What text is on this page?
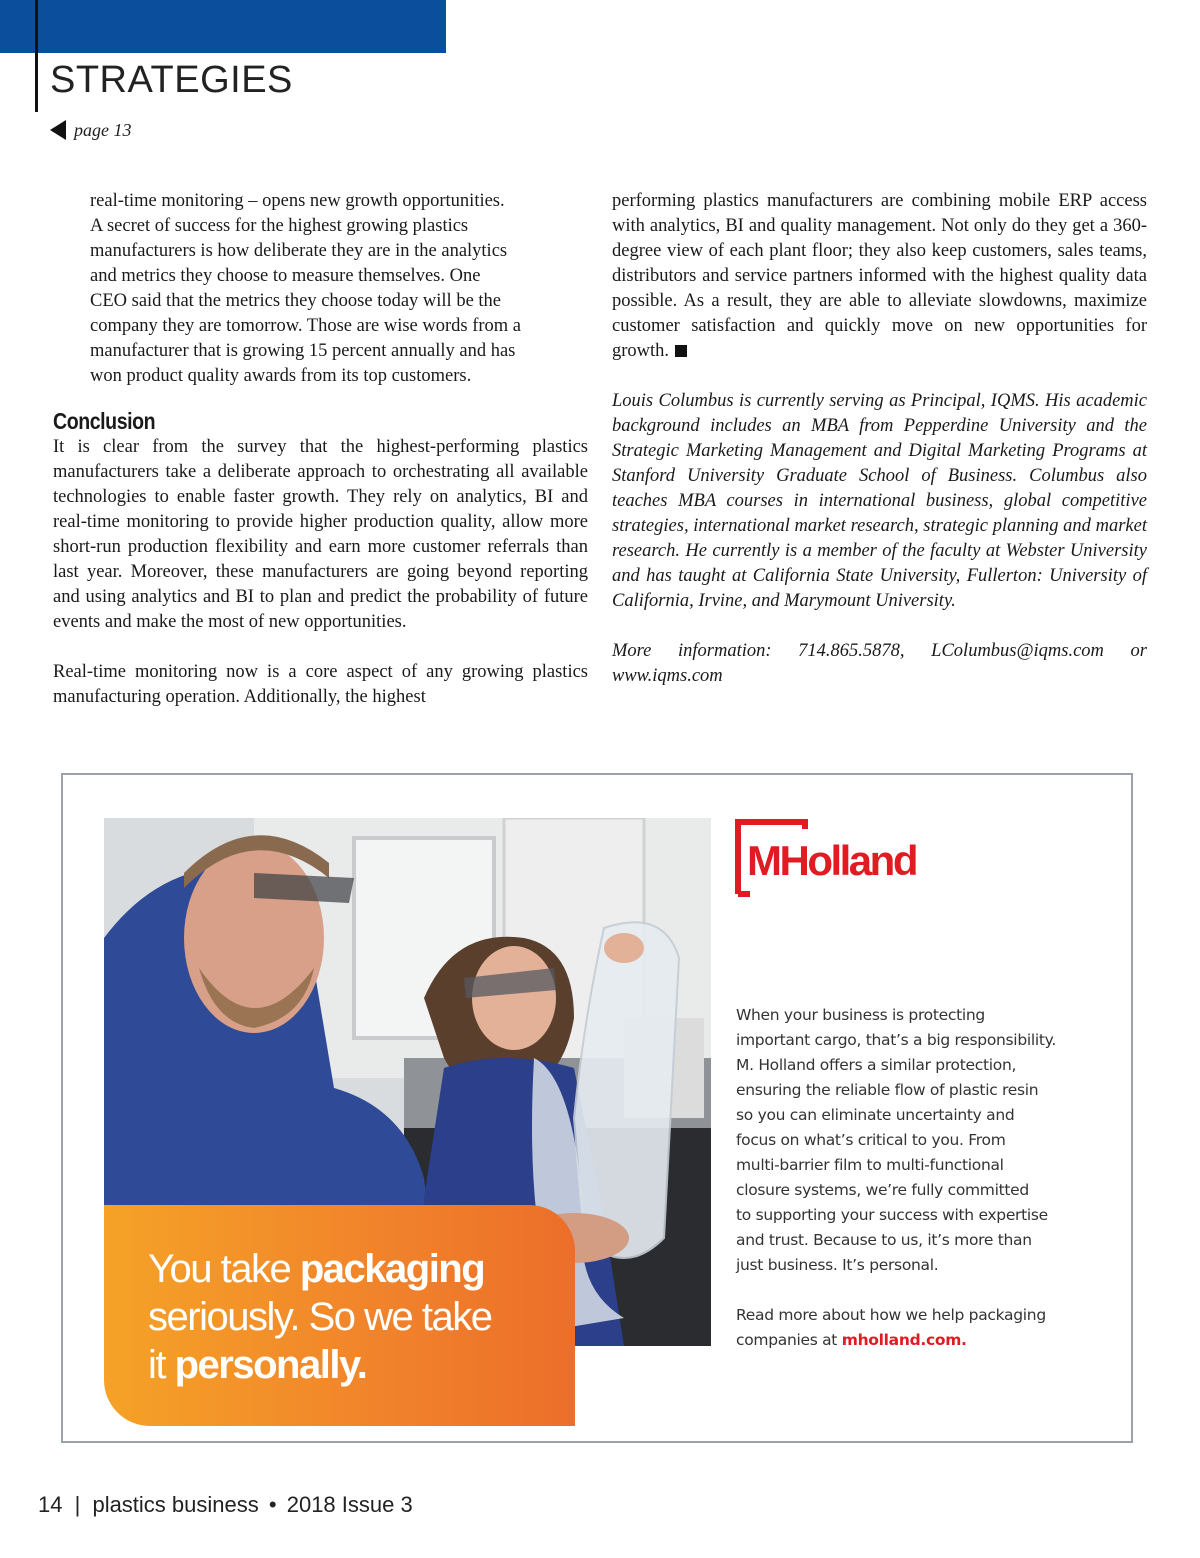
STRATEGIES
page 13
real-time monitoring – opens new growth opportunities.
A secret of success for the highest growing plastics
manufacturers is how deliberate they are in the analytics
and metrics they choose to measure themselves. One
CEO said that the metrics they choose today will be the
company they are tomorrow. Those are wise words from a
manufacturer that is growing 15 percent annually and has
won product quality awards from its top customers.
Conclusion

It is clear from the survey that the highest-performing plastics manufacturers take a deliberate approach to orchestrating all available technologies to enable faster growth. They rely on analytics, BI and real-time monitoring to provide higher production quality, allow more short-run production flexibility and earn more customer referrals than last year. Moreover, these manufacturers are going beyond reporting and using analytics and BI to plan and predict the probability of future events and make the most of new opportunities.

Real-time monitoring now is a core aspect of any growing plastics manufacturing operation. Additionally, the highest

performing plastics manufacturers are combining mobile ERP access with analytics, BI and quality management. Not only do they get a 360-degree view of each plant floor; they also keep customers, sales teams, distributors and service partners informed with the highest quality data possible. As a result, they are able to alleviate slowdowns, maximize customer satisfaction and quickly move on new opportunities for growth.

Louis Columbus is currently serving as Principal, IQMS. His academic background includes an MBA from Pepperdine University and the Strategic Marketing Management and Digital Marketing Programs at Stanford University Graduate School of Business. Columbus also teaches MBA courses in international business, global competitive strategies, international market research, strategic planning and market research. He currently is a member of the faculty at Webster University and has taught at California State University, Fullerton: University of California, Irvine, and Marymount University.

More information: 714.865.5878, LColumbus@iqms.com or www.iqms.com

You take packaging
seriously. So we take
it personally.
MHolland

When your business is protecting

important cargo, that’s a big responsibility.

M. Holland offers a similar protection,

ensuring the reliable flow of plastic resin

so you can eliminate uncertainty and

focus on what’s critical to you. From

multi-barrier film to multi-functional

closure systems, we’re fully committed

to supporting your success with expertise

and trust. Because to us, it’s more than

just business. It’s personal.

Read more about how we help packaging

companies at mholland.com.

14 | plastics business • 2018 Issue 3
